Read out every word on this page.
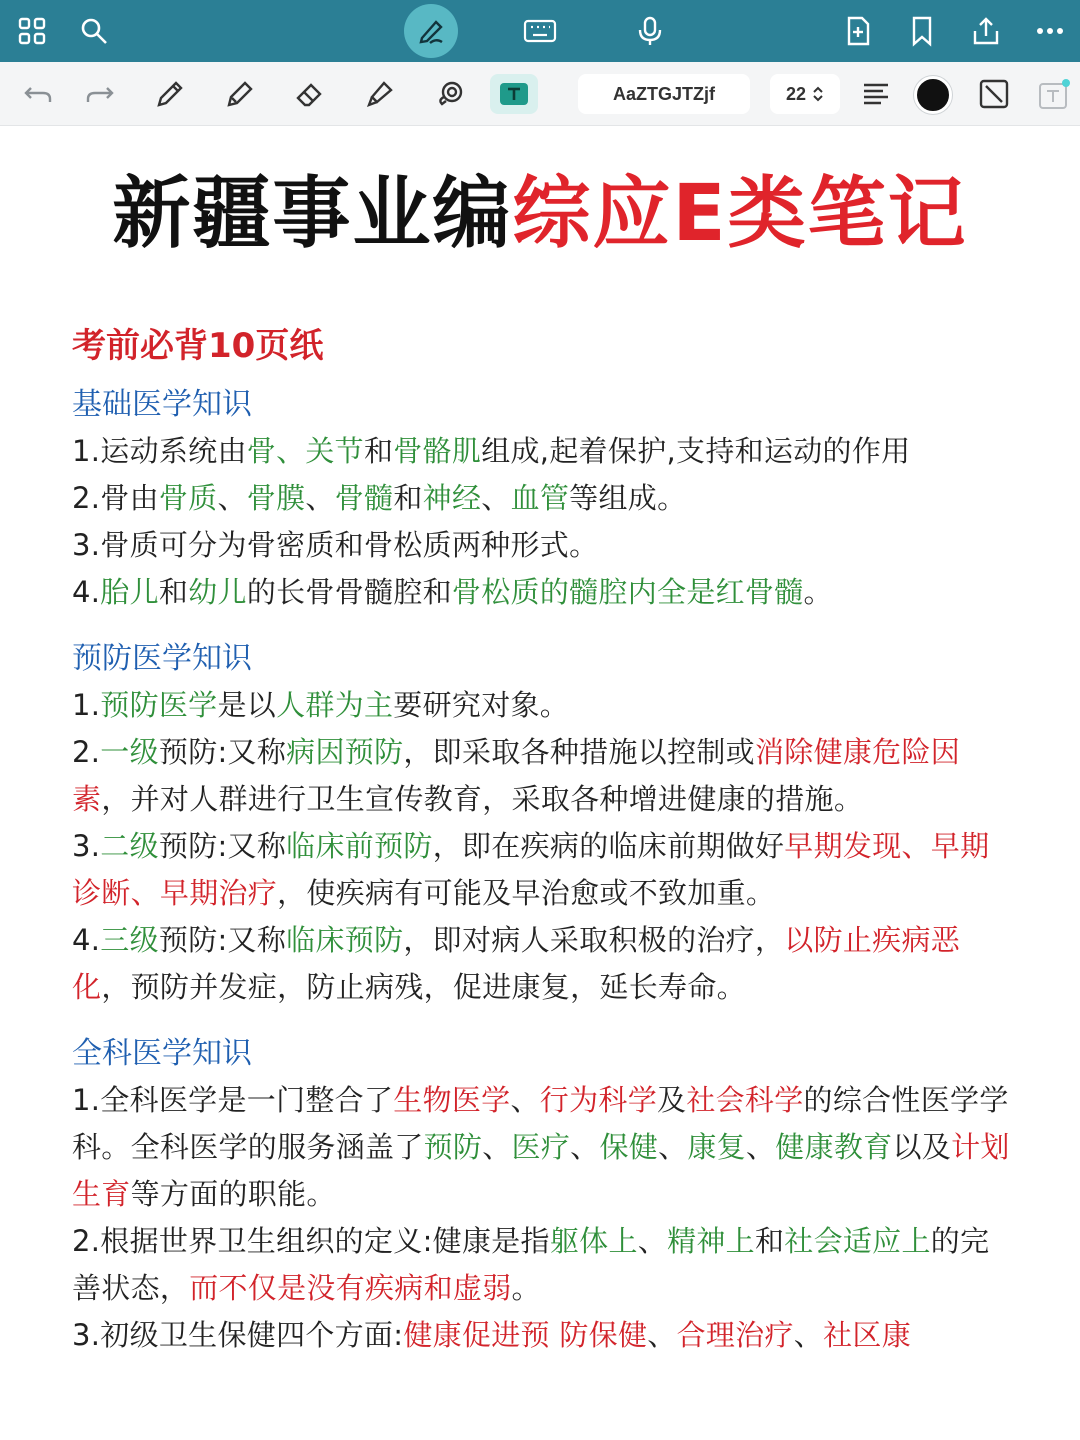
AaZTGJTZjf	22
新疆事业编综应E类笔记
考前必背10页纸
基础医学知识
1.运动系统由骨、关节和骨骼肌组成,起着保护,支持和运动的作用
2.骨由骨质、骨膜、骨髓和神经、血管等组成。
3.骨质可分为骨密质和骨松质两种形式。
4.胎儿和幼儿的长骨骨髓腔和骨松质的髓腔内全是红骨髓。
预防医学知识
1.预防医学是以人群为主要研究对象。
2.一级预防:又称病因预防，即采取各种措施以控制或消除健康危险因素，并对人群进行卫生宣传教育，采取各种增进健康的措施。
3.二级预防:又称临床前预防，即在疾病的临床前期做好早期发现、早期诊断、早期治疗，使疾病有可能及早治愈或不致加重。
4.三级预防:又称临床预防，即对病人采取积极的治疗，以防止疾病恶化，预防并发症，防止病残，促进康复，延长寿命。
全科医学知识
1.全科医学是一门整合了生物医学、行为科学及社会科学的综合性医学学科。全科医学的服务涵盖了预防、医疗、保健、康复、健康教育以及计划生育等方面的职能。
2.根据世界卫生组织的定义:健康是指躯体上、精神上和社会适应上的完善状态，而不仅是没有疾病和虚弱。
3.初级卫生保健四个方面:健康促进预 防保健、合理治疗、社区康
